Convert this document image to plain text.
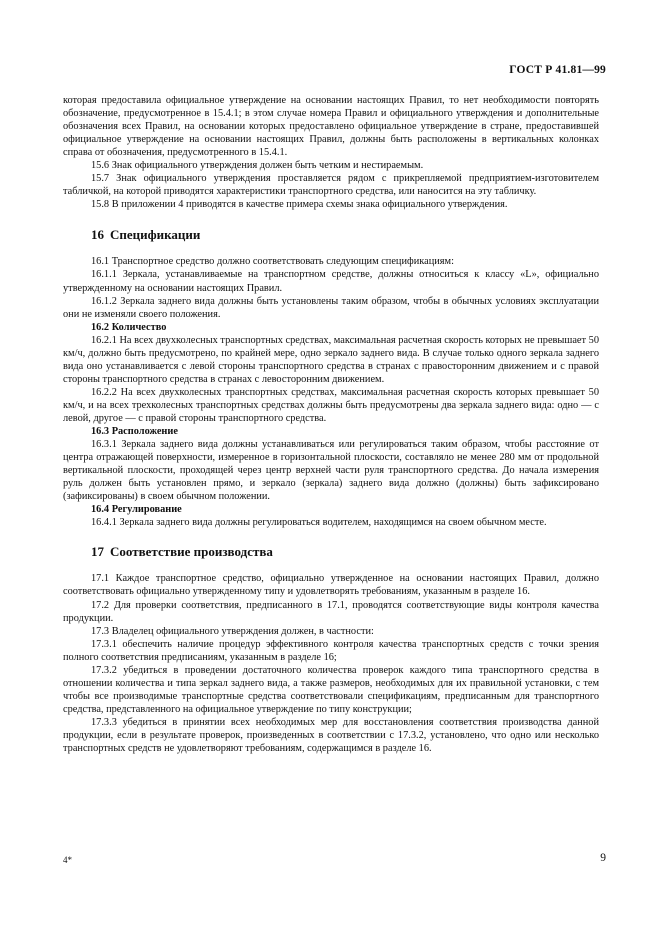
ГОСТ Р 41.81—99

которая предоставила официальное утверждение на основании настоящих Правил, то нет необходимости повторять обозначение, предусмотренное в 15.4.1; в этом случае номера Правил и официального утверждения и дополнительные обозначения всех Правил, на основании которых предоставлено официальное утверждение в стране, предоставившей официальное утверждение на основании настоящих Правил, должны быть расположены в вертикальных колонках справа от обозначения, предусмотренного в 15.4.1.

15.6 Знак официального утверждения должен быть четким и нестираемым.

15.7 Знак официального утверждения проставляется рядом с прикрепляемой предприятием-изготовителем табличкой, на которой приводятся характеристики транспортного средства, или наносится на эту табличку.

15.8 В приложении 4 приводятся в качестве примера схемы знака официального утверждения.

16 Спецификации

16.1 Транспортное средство должно соответствовать следующим спецификациям:

16.1.1 Зеркала, устанавливаемые на транспортном средстве, должны относиться к классу «L», официально утвержденному на основании настоящих Правил.

16.1.2 Зеркала заднего вида должны быть установлены таким образом, чтобы в обычных условиях эксплуатации они не изменяли своего положения.

16.2 Количество

16.2.1 На всех двухколесных транспортных средствах, максимальная расчетная скорость которых не превышает 50 км/ч, должно быть предусмотрено, по крайней мере, одно зеркало заднего вида. В случае только одного зеркала заднего вида оно устанавливается с левой стороны транспортного средства в странах с правосторонним движением и с правой стороны транспортного средства в странах с левосторонним движением.

16.2.2 На всех двухколесных транспортных средствах, максимальная расчетная скорость которых превышает 50 км/ч, и на всех трехколесных транспортных средствах должны быть предусмотрены два зеркала заднего вида: одно — с левой, другое — с правой стороны транспортного средства.

16.3 Расположение

16.3.1 Зеркала заднего вида должны устанавливаться или регулироваться таким образом, чтобы расстояние от центра отражающей поверхности, измеренное в горизонтальной плоскости, составляло не менее 280 мм от продольной вертикальной плоскости, проходящей через центр верхней части руля транспортного средства. До начала измерения руль должен быть установлен прямо, и зеркало (зеркала) заднего вида должно (должны) быть зафиксировано (зафиксированы) в своем обычном положении.

16.4 Регулирование

16.4.1 Зеркала заднего вида должны регулироваться водителем, находящимся на своем обычном месте.

17 Соответствие производства

17.1 Каждое транспортное средство, официально утвержденное на основании настоящих Правил, должно соответствовать официально утвержденному типу и удовлетворять требованиям, указанным в разделе 16.

17.2 Для проверки соответствия, предписанного в 17.1, проводятся соответствующие виды контроля качества продукции.

17.3 Владелец официального утверждения должен, в частности:

17.3.1 обеспечить наличие процедур эффективного контроля качества транспортных средств с точки зрения полного соответствия предписаниям, указанным в разделе 16;

17.3.2 убедиться в проведении достаточного количества проверок каждого типа транспортного средства в отношении количества и типа зеркал заднего вида, а также размеров, необходимых для их правильной установки, с тем чтобы все производимые транспортные средства соответствовали спецификациям, предписанным для транспортного средства, представленного на официальное утверждение по типу конструкции;

17.3.3 убедиться в принятии всех необходимых мер для восстановления соответствия производства данной продукции, если в результате проверок, произведенных в соответствии с 17.3.2, установлено, что одно или несколько транспортных средств не удовлетворяют требованиям, содержащимся в разделе 16.

4*	9
